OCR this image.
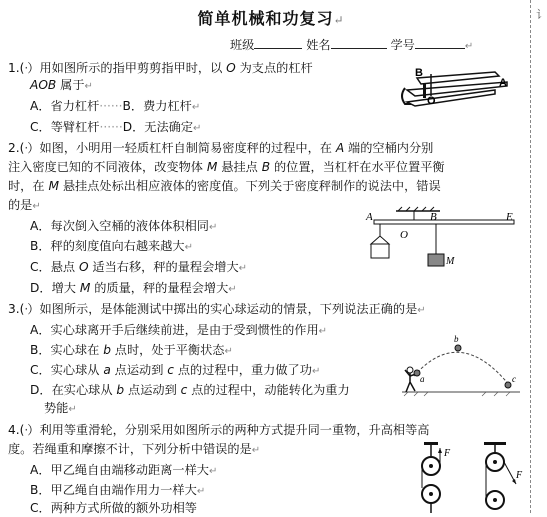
简单机械和功复习↵	讠
班级	姓名	学号	↵
1.(·）用如图所示的指甲剪剪指甲时，以 O 为支点的杠杆
AOB 属于↵
A．省力杠杆······B．费力杠杆↵
C．等臂杠杆······D．无法确定↵
B
O
A
2.(·）如图，小明用一轻质杠杆自制简易密度秤的过程中，在 A 端的空桶内分别
注入密度已知的不同液体，改变物体 M 悬挂点 B 的位置，当杠杆在水平位置平衡
时，在 M 悬挂点处标出相应液体的密度值。下列关于密度秤制作的说法中，错误
的是↵
A．每次倒入空桶的液体体积相同↵
B．秤的刻度值向右越来越大↵
C．悬点 O 适当右移，秤的量程会增大↵
D．增大 M 的质量，秤的量程会增大↵
A
O
B	E
M
3.(·）如图所示，是体能测试中掷出的实心球运动的情景，下列说法正确的是↵
A．实心球离开手后继续前进，是由于受到惯性的作用↵
B．实心球在 b 点时，处于平衡状态↵
C．实心球从 a 点运动到 c 点的过程中，重力做了功↵
D．在实心球从 b 点运动到 c 点的过程中，动能转化为重力
势能↵
a
b
c
4.(·）利用等重滑轮，分别采用如图所示的两种方式提升同一重物，升高相等高
度。若绳重和摩擦不计，下列分析中错误的是↵
A．甲乙绳自由端移动距离一样大↵
B．甲乙绳自由端作用力一样大↵
C．两种方式所做的额外功相等
F
F
